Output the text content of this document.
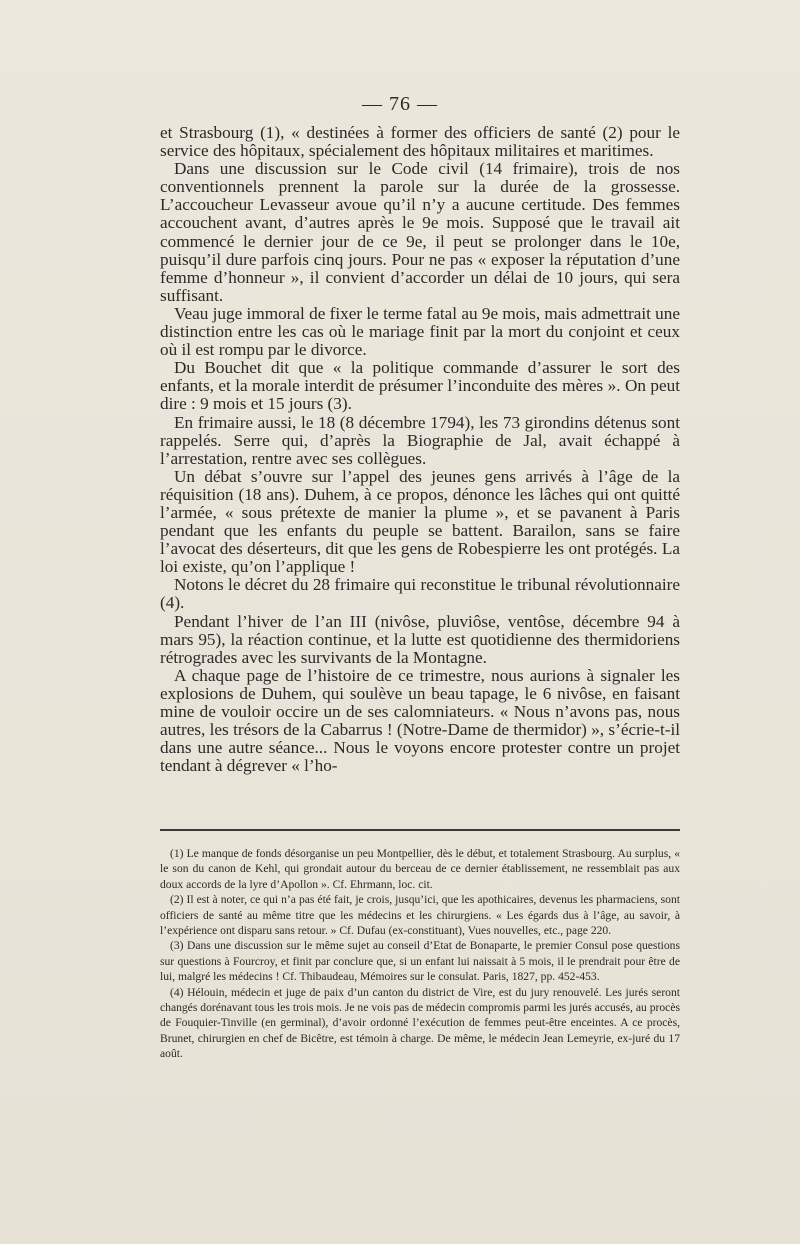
— 76 —

et Strasbourg (1), « destinées à former des officiers de santé (2) pour le service des hôpitaux, spécialement des hôpitaux militaires et maritimes.

Dans une discussion sur le Code civil (14 frimaire), trois de nos conventionnels prennent la parole sur la durée de la grossesse. L’accoucheur Levasseur avoue qu’il n’y a aucune certitude. Des femmes accouchent avant, d’autres après le 9e mois. Supposé que le travail ait commencé le dernier jour de ce 9e, il peut se prolonger dans le 10e, puisqu’il dure parfois cinq jours. Pour ne pas « exposer la réputation d’une femme d’honneur », il convient d’accorder un délai de 10 jours, qui sera suffisant.

Veau juge immoral de fixer le terme fatal au 9e mois, mais admettrait une distinction entre les cas où le mariage finit par la mort du conjoint et ceux où il est rompu par le divorce.

Du Bouchet dit que « la politique commande d’assurer le sort des enfants, et la morale interdit de présumer l’inconduite des mères ». On peut dire : 9 mois et 15 jours (3).

En frimaire aussi, le 18 (8 décembre 1794), les 73 girondins détenus sont rappelés. Serre qui, d’après la Biographie de Jal, avait échappé à l’arrestation, rentre avec ses collègues.

Un débat s’ouvre sur l’appel des jeunes gens arrivés à l’âge de la réquisition (18 ans). Duhem, à ce propos, dénonce les lâches qui ont quitté l’armée, « sous prétexte de manier la plume », et se pavanent à Paris pendant que les enfants du peuple se battent. Barailon, sans se faire l’avocat des déserteurs, dit que les gens de Robespierre les ont protégés. La loi existe, qu’on l’applique !

Notons le décret du 28 frimaire qui reconstitue le tribunal révolutionnaire (4).

Pendant l’hiver de l’an III (nivôse, pluviôse, ventôse, décembre 94 à mars 95), la réaction continue, et la lutte est quotidienne des thermidoriens rétrogrades avec les survivants de la Montagne.

A chaque page de l’histoire de ce trimestre, nous aurions à signaler les explosions de Duhem, qui soulève un beau tapage, le 6 nivôse, en faisant mine de vouloir occire un de ses calomniateurs. « Nous n’avons pas, nous autres, les trésors de la Cabarrus ! (Notre-Dame de thermidor) », s’écrie-t-il dans une autre séance... Nous le voyons encore protester contre un projet tendant à dégrever « l’ho-

(1) Le manque de fonds désorganise un peu Montpellier, dès le début, et totalement Strasbourg. Au surplus, « le son du canon de Kehl, qui grondait autour du berceau de ce dernier établissement, ne ressemblait pas aux doux accords de la lyre d’Apollon ». Cf. Ehrmann, loc. cit.

(2) Il est à noter, ce qui n’a pas été fait, je crois, jusqu’ici, que les apothicaires, devenus les pharmaciens, sont officiers de santé au même titre que les médecins et les chirurgiens. « Les égards dus à l’âge, au savoir, à l’expérience ont disparu sans retour. » Cf. Dufau (ex-constituant), Vues nouvelles, etc., page 220.

(3) Dans une discussion sur le même sujet au conseil d’Etat de Bonaparte, le premier Consul pose questions sur questions à Fourcroy, et finit par conclure que, si un enfant lui naissait à 5 mois, il le prendrait pour être de lui, malgré les médecins ! Cf. Thibaudeau, Mémoires sur le consulat. Paris, 1827, pp. 452-453.

(4) Hélouin, médecin et juge de paix d’un canton du district de Vire, est du jury renouvelé. Les jurés seront changés dorénavant tous les trois mois. Je ne vois pas de médecin compromis parmi les jurés accusés, au procès de Fouquier-Tinville (en germinal), d’avoir ordonné l’exécution de femmes peut-être enceintes. A ce procès, Brunet, chirurgien en chef de Bicêtre, est témoin à charge. De même, le médecin Jean Lemeyrie, ex-juré du 17 août.
